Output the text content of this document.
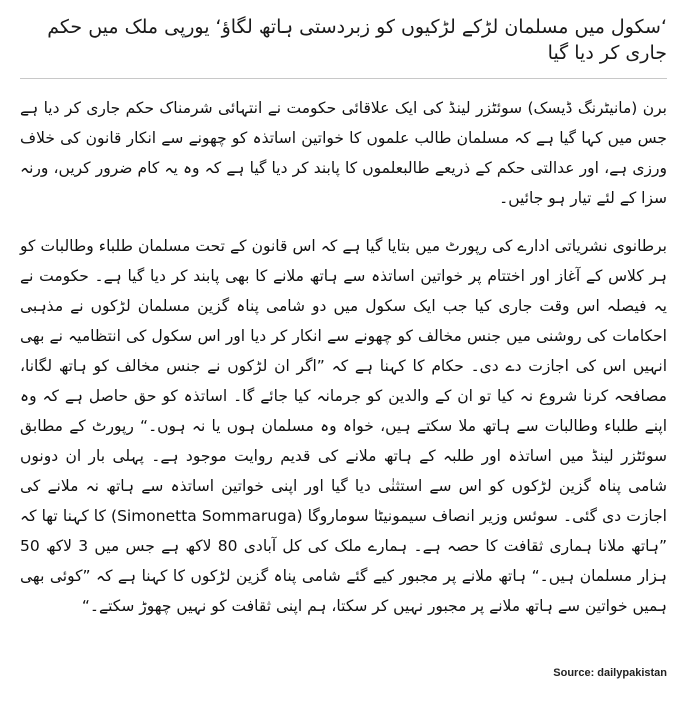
‘سکول میں مسلمان لڑکے لڑکیوں کو زبردستی ہاتھ لگاؤ‘ یورپی ملک میں حکم جاری کر دیا گیا

برن (مانیٹرنگ ڈیسک) سوئٹزر لینڈ کی ایک علاقائی حکومت نے انتہائی شرمناک حکم جاری کر دیا ہے جس میں کہا گیا ہے کہ مسلمان طالب علموں کا خواتین اساتذہ کو چھونے سے انکار قانون کی خلاف ورزی ہے، اور عدالتی حکم کے ذریعے طالبعلموں کا پابند کر دیا گیا ہے کہ وہ یہ کام ضرور کریں، ورنہ سزا کے لئے تیار ہو جائیں۔

برطانوی نشریاتی ادارے کی رپورٹ میں بتایا گیا ہے کہ اس قانون کے تحت مسلمان طلباء وطالبات کو ہر کلاس کے آغاز اور اختتام پر خواتین اساتذہ سے ہاتھ ملانے کا بھی پابند کر دیا گیا ہے۔ حکومت نے یہ فیصلہ اس وقت جاری کیا جب ایک سکول میں دو شامی پناہ گزین مسلمان لڑکوں نے مذہبی احکامات کی روشنی میں جنس مخالف کو چھونے سے انکار کر دیا اور اس سکول کی انتظامیہ نے بھی انہیں اس کی اجازت دے دی۔ حکام کا کہنا ہے کہ ”اگر ان لڑکوں نے جنس مخالف کو ہاتھ لگانا، مصافحہ کرنا شروع نہ کیا تو ان کے والدین کو جرمانہ کیا جائے گا۔ اساتذہ کو حق حاصل ہے کہ وہ اپنے طلباء وطالبات سے ہاتھ ملا سکتے ہیں، خواہ وہ مسلمان ہوں یا نہ ہوں۔“ رپورٹ کے مطابق سوئٹزر لینڈ میں اساتذہ اور طلبہ کے ہاتھ ملانے کی قدیم روایت موجود ہے۔ پہلی بار ان دونوں شامی پناہ گزین لڑکوں کو اس سے استثنٰی دیا گیا اور اپنی خواتین اساتذہ سے ہاتھ نہ ملانے کی اجازت دی گئی۔ سوئس وزیر انصاف سیمونیٹا سوماروگا (Simonetta Sommaruga) کا کہنا تھا کہ ”ہاتھ ملانا ہماری ثقافت کا حصہ ہے۔ ہمارے ملک کی کل آبادی 80 لاکھ ہے جس میں 3 لاکھ 50 ہزار مسلمان ہیں۔“ ہاتھ ملانے پر مجبور کیے گئے شامی پناہ گزین لڑکوں کا کہنا ہے کہ ”کوئی بھی ہمیں خواتین سے ہاتھ ملانے پر مجبور نہیں کر سکتا، ہم اپنی ثقافت کو نہیں چھوڑ سکتے۔“

Source: dailypakistan
